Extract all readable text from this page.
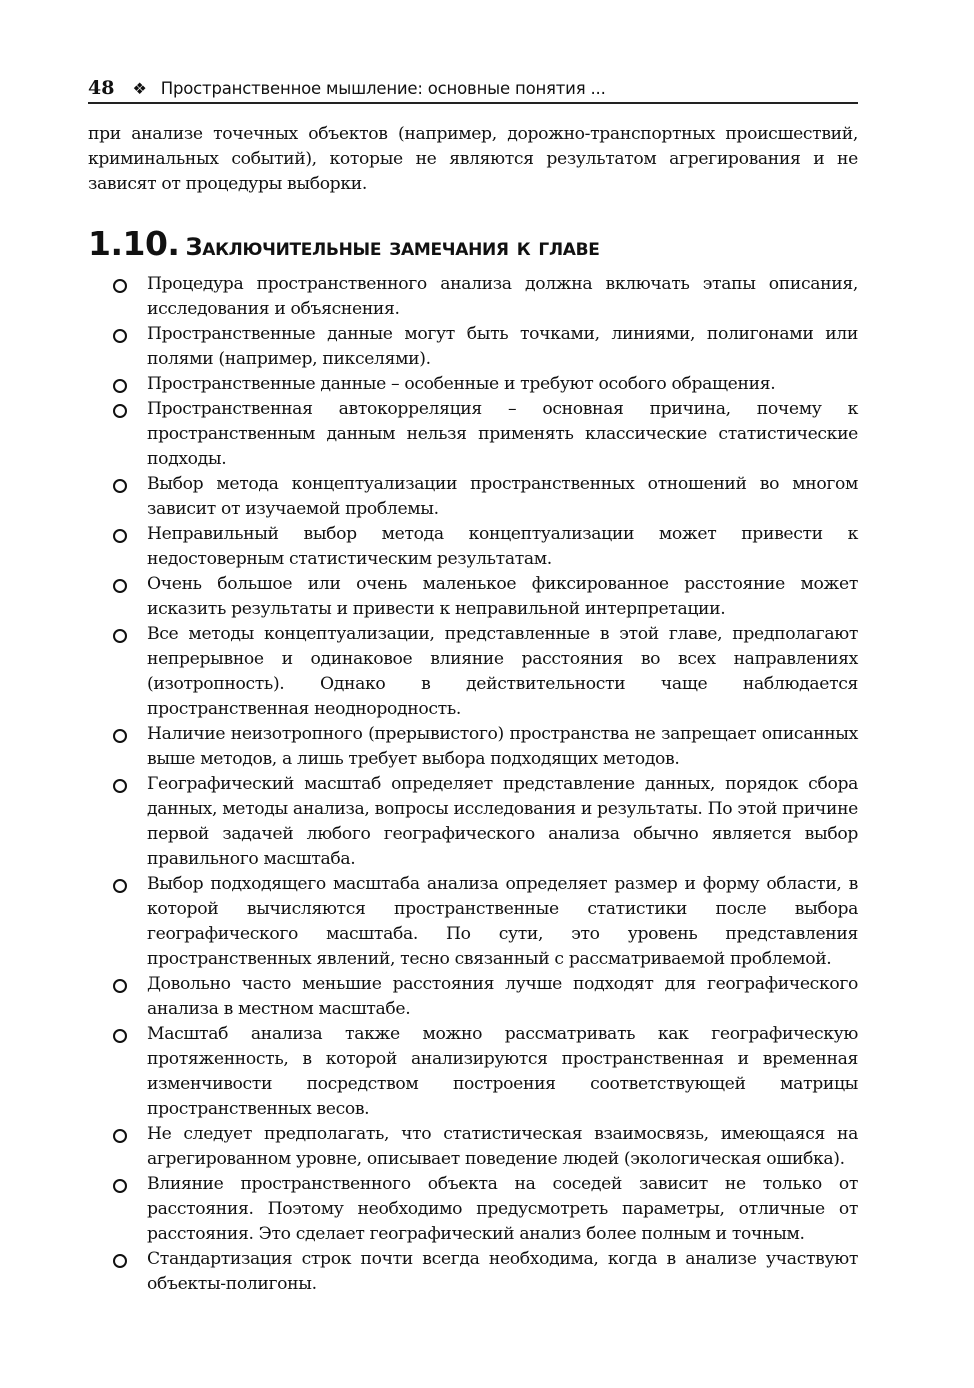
48 ❖ Пространственное мышление: основные понятия ...

при анализе точечных объектов (например, дорожно-транспортных происшествий, криминальных событий), которые не являются результатом агрегирования и не зависят от процедуры выборки.

1.10. Заключительные замечания к главе
Процедура пространственного анализа должна включать этапы описания, исследования и объяснения.
Пространственные данные могут быть точками, линиями, полигонами или полями (например, пикселями).
Пространственные данные – особенные и требуют особого обращения.
Пространственная автокорреляция – основная причина, почему к пространственным данным нельзя применять классические статистические подходы.
Выбор метода концептуализации пространственных отношений во многом зависит от изучаемой проблемы.
Неправильный выбор метода концептуализации может привести к недостоверным статистическим результатам.
Очень большое или очень маленькое фиксированное расстояние может исказить результаты и привести к неправильной интерпретации.
Все методы концептуализации, представленные в этой главе, предполагают непрерывное и одинаковое влияние расстояния во всех направлениях (изотропность). Однако в действительности чаще наблюдается пространственная неоднородность.
Наличие неизотропного (прерывистого) пространства не запрещает описанных выше методов, а лишь требует выбора подходящих методов.
Географический масштаб определяет представление данных, порядок сбора данных, методы анализа, вопросы исследования и результаты. По этой причине первой задачей любого географического анализа обычно является выбор правильного масштаба.
Выбор подходящего масштаба анализа определяет размер и форму области, в которой вычисляются пространственные статистики после выбора географического масштаба. По сути, это уровень представления пространственных явлений, тесно связанный с рассматриваемой проблемой.
Довольно часто меньшие расстояния лучше подходят для географического анализа в местном масштабе.
Масштаб анализа также можно рассматривать как географическую протяженность, в которой анализируются пространственная и временная изменчивости посредством построения соответствующей матрицы пространственных весов.
Не следует предполагать, что статистическая взаимосвязь, имеющаяся на агрегированном уровне, описывает поведение людей (экологическая ошибка).
Влияние пространственного объекта на соседей зависит не только от расстояния. Поэтому необходимо предусмотреть параметры, отличные от расстояния. Это сделает географический анализ более полным и точным.
Стандартизация строк почти всегда необходима, когда в анализе участвуют объекты-полигоны.
